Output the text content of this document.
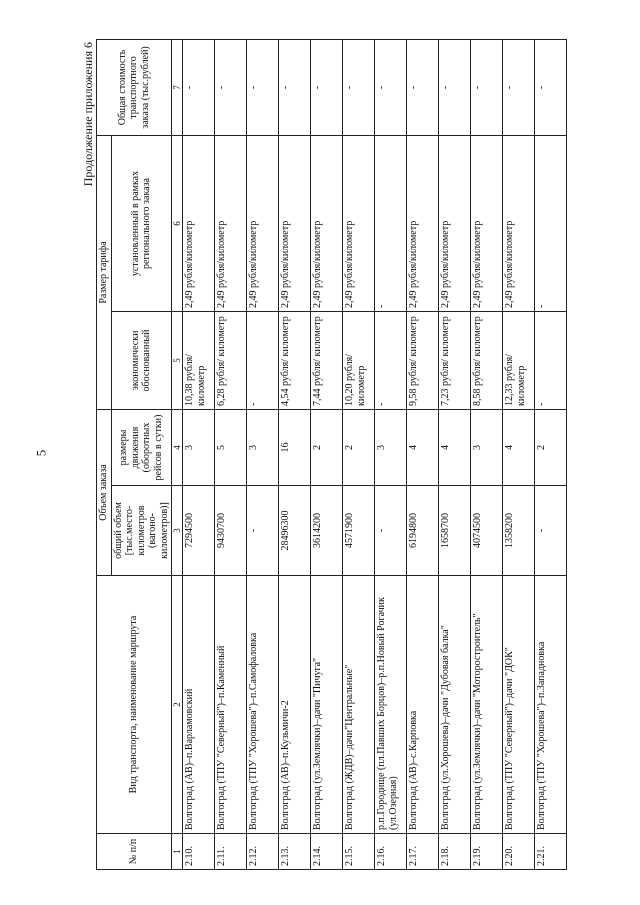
5
Продолжение приложения 6
№ п/п	Вид транспорта, наименование маршрута	Объем заказа		Размер тарифа		Общая стоимость транспортного заказа (тыс.рублей)
		общий объем [тыс.место-километров (вагоно-километров)]	размеры движения (оборотных рейсов в сутки)	экономически обоснованный	установленный в рамках регионального заказа	
1	2	3	4	5	6	7
2.10.	Волгоград (АВ)–п.Варламовский	7294500	3	10,38 рубля/ километр	2,49 рубля/километр	-
2.11.	Волгоград (ТПУ "Северный")–п.Каменный	9430700	5	6,28 рубля/ километр	2,49 рубля/километр	-
2.12.	Волгоград (ТПУ "Хорошева")–п.Самофаловка	-	3	-	2,49 рубля/километр	-
2.13.	Волгоград (АВ)–п.Кузьмичи-2	28496300	16	4,54 рубля/ километр	2,49 рубля/километр	-
2.14.	Волгоград (ул.Землячки)–дачи "Пичуга"	3614200	2	7,44 рубля/ километр	2,49 рубля/километр	-
2.15.	Волгоград (ЖДВ)–дачи"Центральные"	4571900	2	10,20 рубля/ километр	2,49 рубля/километр	-
2.16.	р.п.Городище (пл.Павших Борцов)–р.п.Новый Рогачик (ул.Озерная)	-	3	-	-	-
2.17.	Волгоград (АВ)–с.Карповка	6194800	4	9,58 рубля/ километр	2,49 рубля/километр	-
2.18.	Волгоград (ул.Хорошева)–дачи "Дубовая балка"	1658700	4	7,23 рубля/ километр	2,49 рубля/километр	-
2.19.	Волгоград (ул.Землячки)–дачи "Моторостроитель"	4074500	3	8,58 рубля/ километр	2,49 рубля/километр	-
2.20.	Волгоград (ТПУ "Северный")–дачи "ДОК"	1358200	4	12,33 рубля/ километр	2,49 рубля/километр	-
2.21.	Волгоград (ТПУ "Хорошева")–п.Западновка	-	2	-	-	-
